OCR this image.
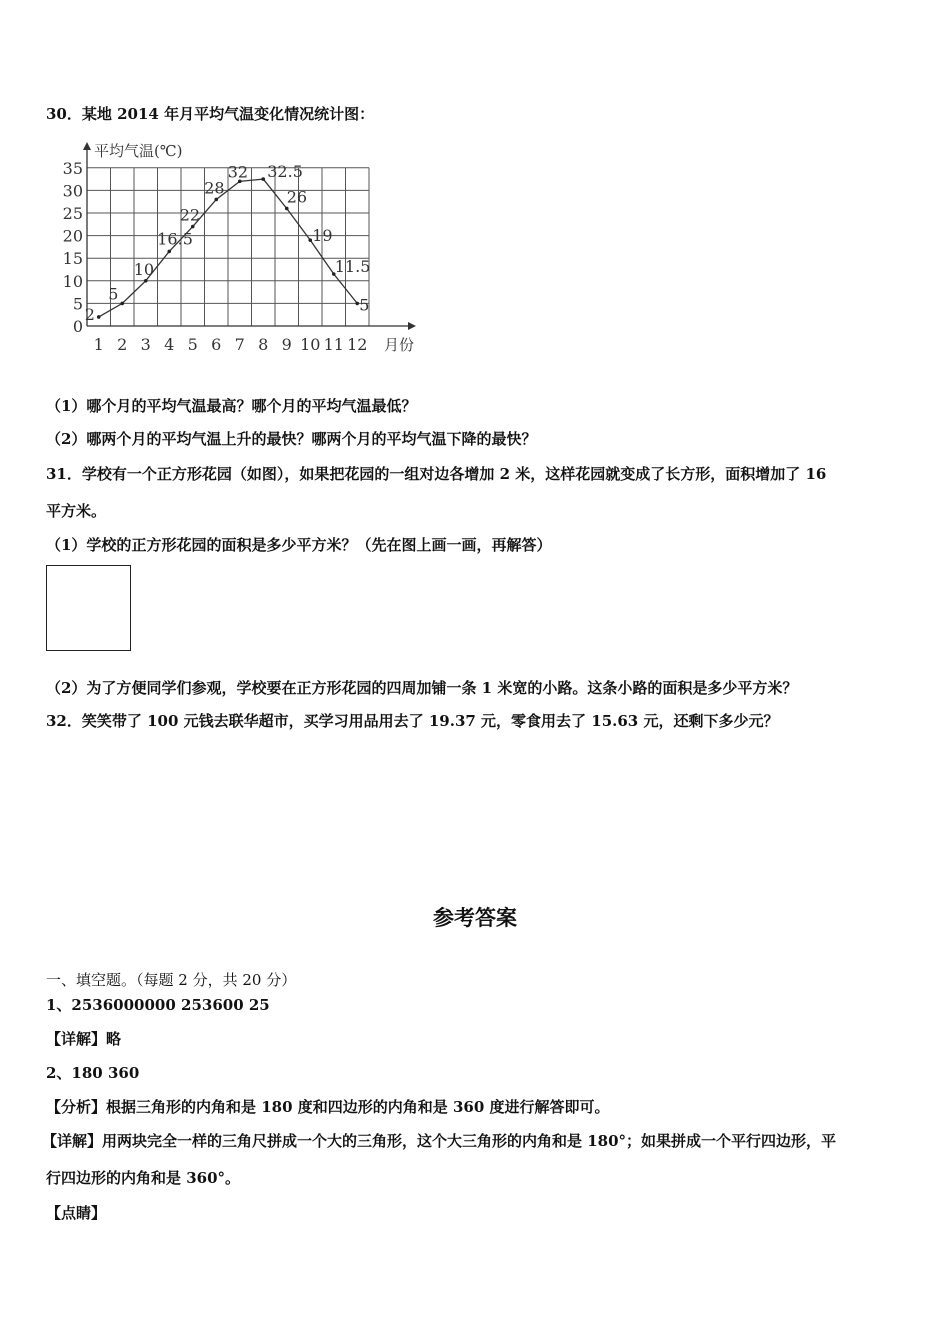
30．某地 2014 年月平均气温变化情况统计图：
0
5
10
15
20
25
30
35
1 2 3 4 5 6 7 8 9 10 11 12
2
5
10
16.5
22
28
32 32.5
26
19
11.5
5
平均气温(℃)
月份
（1）哪个月的平均气温最高？哪个月的平均气温最低？
（2）哪两个月的平均气温上升的最快？哪两个月的平均气温下降的最快？
31．学校有一个正方形花园（如图），如果把花园的一组对边各增加 2 米，这样花园就变成了长方形，面积增加了 16
平方米。
（1）学校的正方形花园的面积是多少平方米？（先在图上画一画，再解答）
（2）为了方便同学们参观，学校要在正方形花园的四周加铺一条 1 米宽的小路。这条小路的面积是多少平方米？
32．笑笑带了 100 元钱去联华超市，买学习用品用去了 19.37 元，零食用去了 15.63 元，还剩下多少元？
参考答案
一、填空题。（每题 2 分，共 20 分）
1、2536000000 253600 25
【详解】略
2、180 360
【分析】根据三角形的内角和是 180 度和四边形的内角和是 360 度进行解答即可。
【详解】用两块完全一样的三角尺拼成一个大的三角形，这个大三角形的内角和是 180°；如果拼成一个平行四边形，平
行四边形的内角和是 360°。
【点睛】
